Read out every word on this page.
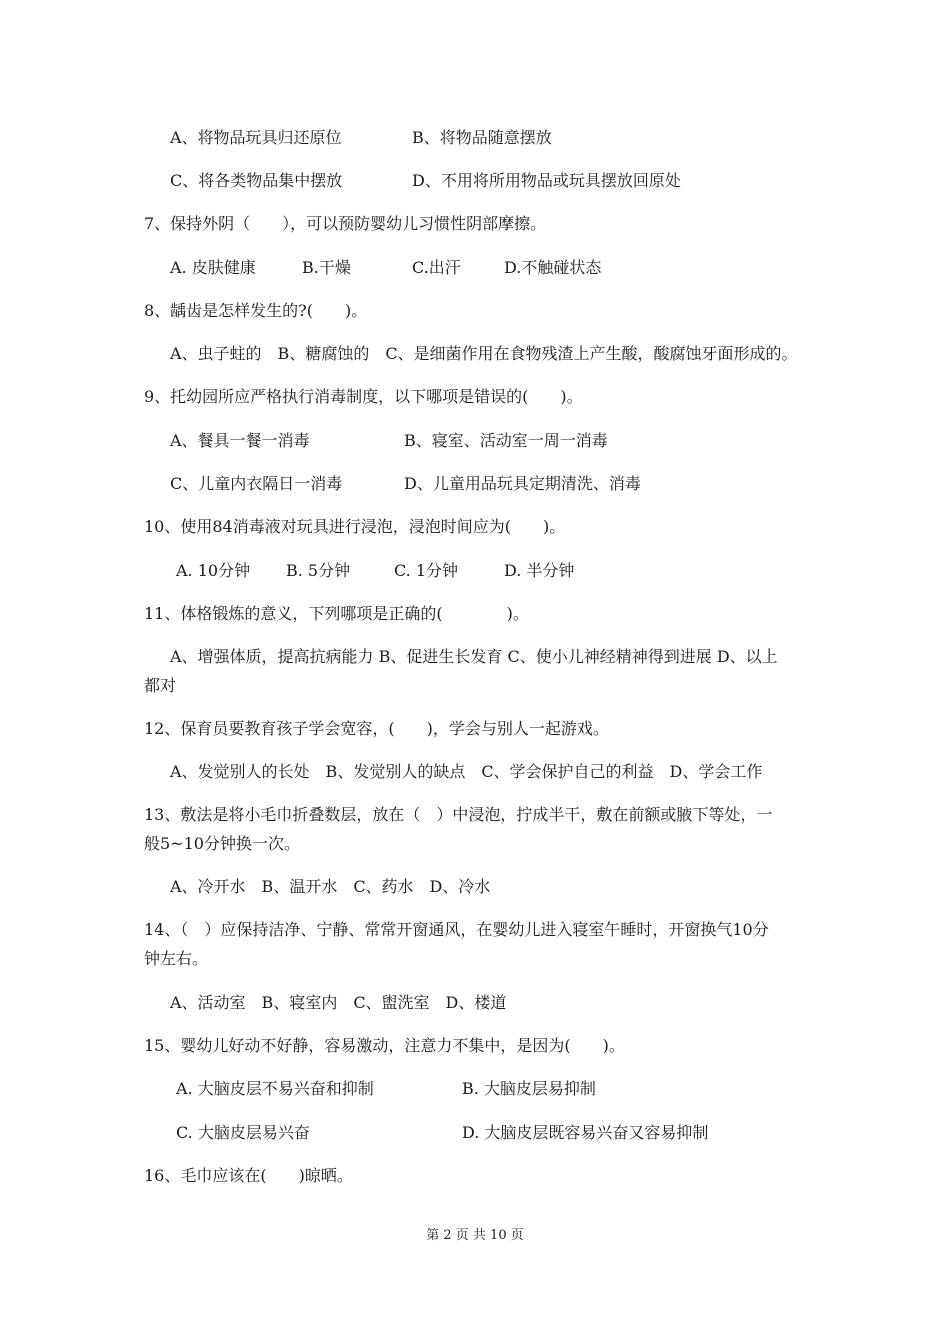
A、将物品玩具归还原位	B、将物品随意摆放
C、将各类物品集中摆放	D、不用将所用物品或玩具摆放回原处
7、保持外阴（　　），可以预防婴幼儿习惯性阴部摩擦。
A. 皮肤健康	B.干燥	C.出汗	D.不触碰状态
8、龋齿是怎样发生的?(　　)。
A、虫子蛀的　B、糖腐蚀的　C、是细菌作用在食物残渣上产生酸，酸腐蚀牙面形成的。
9、托幼园所应严格执行消毒制度，以下哪项是错误的(　　)。
A、餐具一餐一消毒	B、寝室、活动室一周一消毒
C、儿童内衣隔日一消毒	D、儿童用品玩具定期清洗、消毒
10、使用84消毒液对玩具进行浸泡，浸泡时间应为(　　)。
A. 10分钟 B. 5分钟	C. 1分钟	D. 半分钟
11、体格锻炼的意义，下列哪项是正确的(　　　　)。
A、增强体质，提高抗病能力 B、促进生长发育 C、使小儿神经精神得到进展 D、以上
都对
12、保育员要教育孩子学会宽容，(　　)，学会与别人一起游戏。
A、发觉别人的长处　B、发觉别人的缺点　C、学会保护自己的利益　D、学会工作
13、敷法是将小毛巾折叠数层，放在（　）中浸泡，拧成半干，敷在前额或腋下等处，一
般5~10分钟换一次。
A、冷开水　B、温开水　C、药水　D、冷水
14、（　）应保持洁净、宁静、常常开窗通风，在婴幼儿进入寝室午睡时，开窗换气10分
钟左右。
A、活动室　B、寝室内　C、盥洗室　D、楼道
15、婴幼儿好动不好静，容易激动，注意力不集中，是因为(　　)。
A. 大脑皮层不易兴奋和抑制	B. 大脑皮层易抑制
C. 大脑皮层易兴奋	D. 大脑皮层既容易兴奋又容易抑制
16、毛巾应该在(　　)晾晒。
第 2 页 共 10 页
